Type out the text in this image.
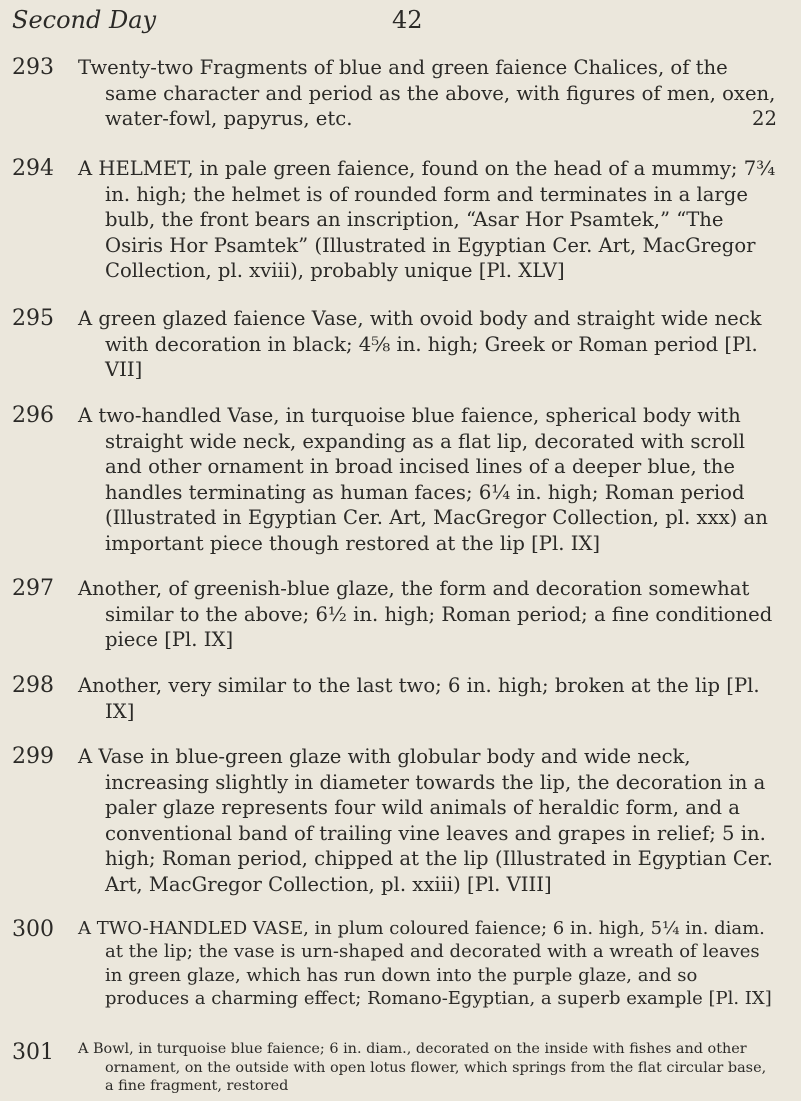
Second Day	42
293 Twenty-two Fragments of blue and green faience Chalices, of the same character and period as the above, with figures of men, oxen, water-fowl, papyrus, etc.	22
294 A HELMET, in pale green faience, found on the head of a mummy; 7¾ in. high; the helmet is of rounded form and terminates in a large bulb, the front bears an inscription, “Asar Hor Psamtek,” “The Osiris Hor Psamtek” (Illustrated in Egyptian Cer. Art, MacGregor Collection, pl. xviii), probably unique [Pl. XLV]
295 A green glazed faience Vase, with ovoid body and straight wide neck with decoration in black; 4⅝ in. high; Greek or Roman period [Pl. VII]
296 A two-handled Vase, in turquoise blue faience, spherical body with straight wide neck, expanding as a flat lip, decorated with scroll and other ornament in broad incised lines of a deeper blue, the handles terminating as human faces; 6¼ in. high; Roman period (Illustrated in Egyptian Cer. Art, MacGregor Collection, pl. xxx) an important piece though restored at the lip [Pl. IX]
297 Another, of greenish-blue glaze, the form and decoration somewhat similar to the above; 6½ in. high; Roman period; a fine conditioned piece [Pl. IX]
298 Another, very similar to the last two; 6 in. high; broken at the lip [Pl. IX]
299 A Vase in blue-green glaze with globular body and wide neck, increasing slightly in diameter towards the lip, the decoration in a paler glaze represents four wild animals of heraldic form, and a conventional band of trailing vine leaves and grapes in relief; 5 in. high; Roman period, chipped at the lip (Illustrated in Egyptian Cer. Art, MacGregor Collection, pl. xxiii) [Pl. VIII]
300 A TWO-HANDLED VASE, in plum coloured faience; 6 in. high, 5¼ in. diam. at the lip; the vase is urn-shaped and decorated with a wreath of leaves in green glaze, which has run down into the purple glaze, and so produces a charming effect; Romano-Egyptian, a superb example [Pl. IX]
301 A Bowl, in turquoise blue faience; 6 in. diam., decorated on the inside with fishes and other ornament, on the outside with open lotus flower, which springs from the flat circular base, a fine fragment, restored
